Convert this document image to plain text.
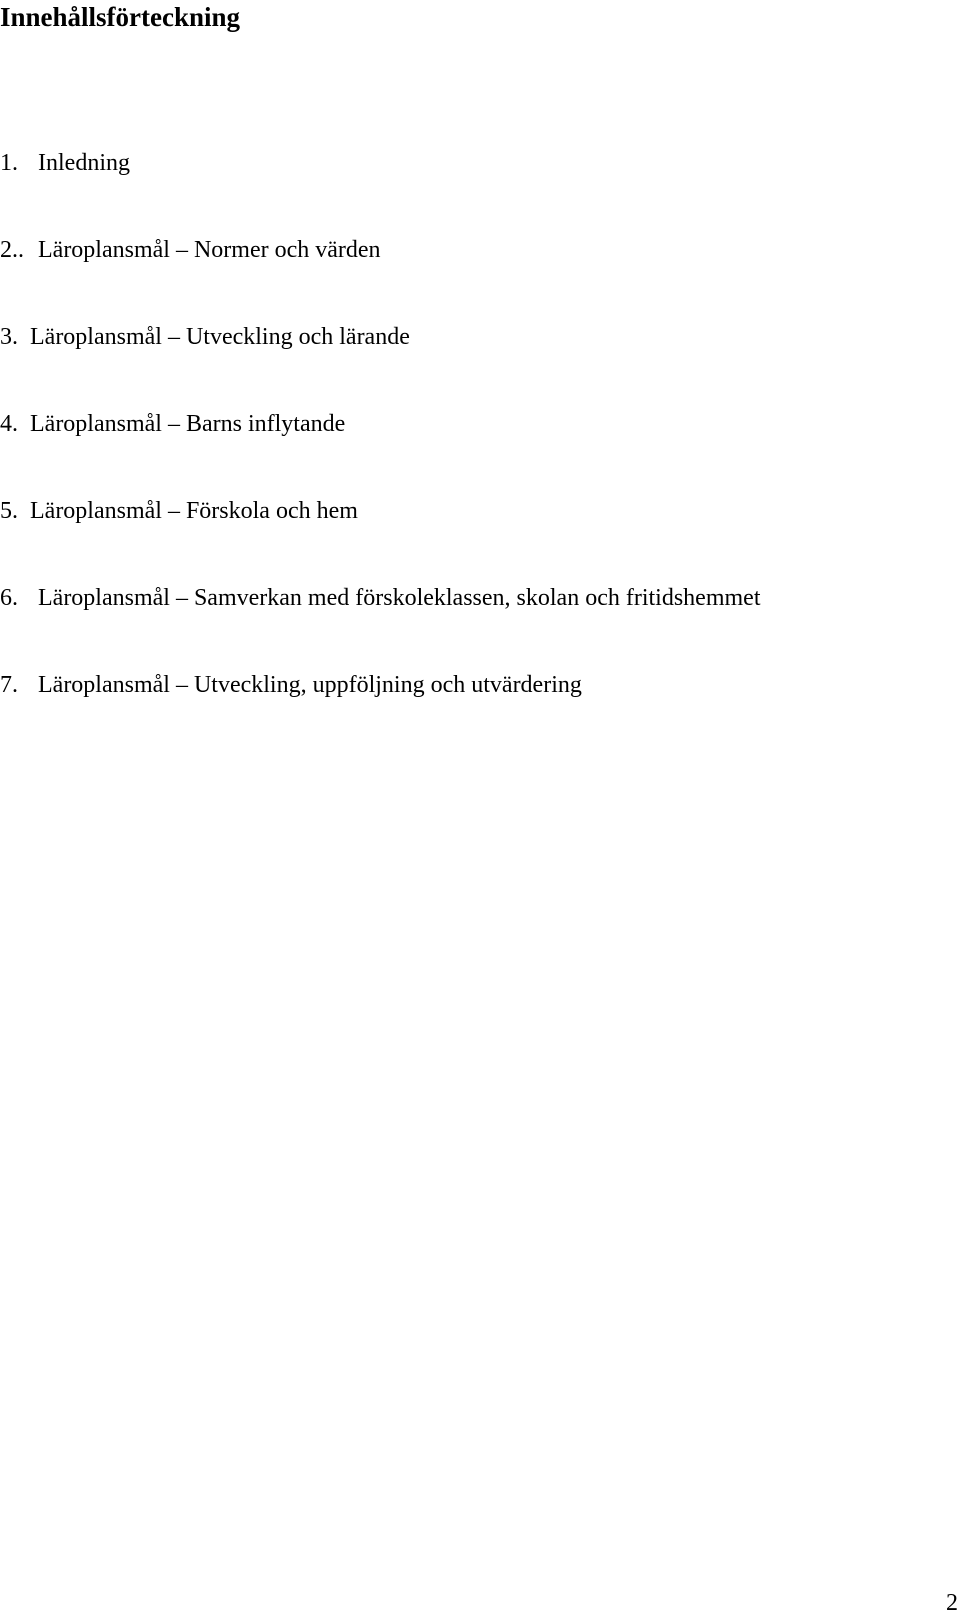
Innehållsförteckning
1. Inledning
2.. Läroplansmål – Normer och värden
3. Läroplansmål – Utveckling och lärande
4. Läroplansmål – Barns inflytande
5. Läroplansmål – Förskola och hem
6. Läroplansmål – Samverkan med förskoleklassen, skolan och fritidshemmet
7. Läroplansmål – Utveckling, uppföljning och utvärdering
2
